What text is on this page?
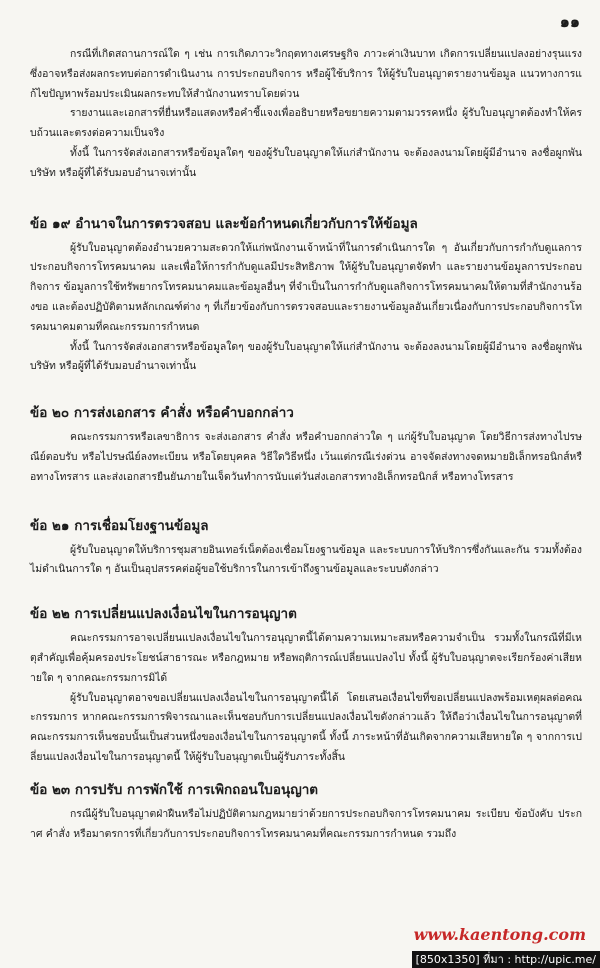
๑๑

กรณีที่เกิดสถานการณ์ใด ๆ เช่น การเกิดภาวะวิกฤตทางเศรษฐกิจ ภาวะค่าเงินบาท เกิดการเปลี่ยนแปลงอย่างรุนแรงซึ่งอาจหรือส่งผลกระทบต่อการดำเนินงาน การประกอบกิจการ หรือผู้ใช้บริการ ให้ผู้รับใบอนุญาตรายงานข้อมูล แนวทางการแก้ไขปัญหาพร้อมประเมินผลกระทบให้สำนักงานทราบโดยด่วน

รายงานและเอกสารที่ยื่นหรือแสดงหรือคำชี้แจงเพื่ออธิบายหรือขยายความตามวรรคหนึ่ง ผู้รับใบอนุญาตต้องทำให้ครบถ้วนและตรงต่อความเป็นจริง

ทั้งนี้ ในการจัดส่งเอกสารหรือข้อมูลใดๆ ของผู้รับใบอนุญาตให้แก่สำนักงาน จะต้องลงนามโดยผู้มีอำนาจ ลงชื่อผูกพันบริษัท หรือผู้ที่ได้รับมอบอำนาจเท่านั้น

ข้อ ๑๙ อำนาจในการตรวจสอบ และข้อกำหนดเกี่ยวกับการให้ข้อมูล

ผู้รับใบอนุญาตต้องอำนวยความสะดวกให้แก่พนักงานเจ้าหน้าที่ในการดำเนินการใด ๆ อันเกี่ยวกับการกำกับดูแลการประกอบกิจการโทรคมนาคม และเพื่อให้การกำกับดูแลมีประสิทธิภาพ ให้ผู้รับใบอนุญาตจัดทำ และรายงานข้อมูลการประกอบกิจการ ข้อมูลการใช้ทรัพยากรโทรคมนาคมและข้อมูลอื่นๆ ที่จำเป็นในการกำกับดูแลกิจการโทรคมนาคมให้ตามที่สำนักงานร้องขอ และต้องปฏิบัติตามหลักเกณฑ์ต่าง ๆ ที่เกี่ยวข้องกับการตรวจสอบและรายงานข้อมูลอันเกี่ยวเนื่องกับการประกอบกิจการโทรคมนาคมตามที่คณะกรรมการกำหนด

ทั้งนี้ ในการจัดส่งเอกสารหรือข้อมูลใดๆ ของผู้รับใบอนุญาตให้แก่สำนักงาน จะต้องลงนามโดยผู้มีอำนาจ ลงชื่อผูกพันบริษัท หรือผู้ที่ได้รับมอบอำนาจเท่านั้น

ข้อ ๒๐ การส่งเอกสาร คำสั่ง หรือคำบอกกล่าว

คณะกรรมการหรือเลขาธิการ จะส่งเอกสาร คำสั่ง หรือคำบอกกล่าวใด ๆ แก่ผู้รับใบอนุญาต โดยวิธีการส่งทางไปรษณีย์ตอบรับ หรือไปรษณีย์ลงทะเบียน หรือโดยบุคคล วิธีใดวิธีหนึ่ง เว้นแต่กรณีเร่งด่วน อาจจัดส่งทางจดหมายอิเล็กทรอนิกส์หรือทางโทรสาร และส่งเอกสารยืนยันภายในเจ็ดวันทำการนับแต่วันส่งเอกสารทางอิเล็กทรอนิกส์ หรือทางโทรสาร

ข้อ ๒๑ การเชื่อมโยงฐานข้อมูล

ผู้รับใบอนุญาตให้บริการชุมสายอินเทอร์เน็ตต้องเชื่อมโยงฐานข้อมูล และระบบการให้บริการซึ่งกันและกัน รวมทั้งต้องไม่ดำเนินการใด ๆ อันเป็นอุปสรรคต่อผู้ขอใช้บริการในการเข้าถึงฐานข้อมูลและระบบดังกล่าว

ข้อ ๒๒ การเปลี่ยนแปลงเงื่อนไขในการอนุญาต

คณะกรรมการอาจเปลี่ยนแปลงเงื่อนไขในการอนุญาตนี้ได้ตามความเหมาะสมหรือความจำเป็น รวมทั้งในกรณีที่มีเหตุสำคัญเพื่อคุ้มครองประโยชน์สาธารณะ หรือกฎหมาย หรือพฤติการณ์เปลี่ยนแปลงไป ทั้งนี้ ผู้รับใบอนุญาตจะเรียกร้องค่าเสียหายใด ๆ จากคณะกรรมการมิได้

ผู้รับใบอนุญาตอาจขอเปลี่ยนแปลงเงื่อนไขในการอนุญาตนี้ได้ โดยเสนอเงื่อนไขที่ขอเปลี่ยนแปลงพร้อมเหตุผลต่อคณะกรรมการ หากคณะกรรมการพิจารณาและเห็นชอบกับการเปลี่ยนแปลงเงื่อนไขดังกล่าวแล้ว ให้ถือว่าเงื่อนไขในการอนุญาตที่คณะกรรมการเห็นชอบนั้นเป็นส่วนหนึ่งของเงื่อนไขในการอนุญาตนี้ ทั้งนี้ ภาระหน้าที่อันเกิดจากความเสียหายใด ๆ จากการเปลี่ยนแปลงเงื่อนไขในการอนุญาตนี้ ให้ผู้รับใบอนุญาตเป็นผู้รับภาระทั้งสิ้น

ข้อ ๒๓ การปรับ การพักใช้ การเพิกถอนใบอนุญาต

กรณีผู้รับใบอนุญาตฝ่าฝืนหรือไม่ปฏิบัติตามกฎหมายว่าด้วยการประกอบกิจการโทรคมนาคม ระเบียบ ข้อบังคับ ประกาศ คำสั่ง หรือมาตรการที่เกี่ยวกับการประกอบกิจการโทรคมนาคมที่คณะกรรมการกำหนด รวมถึง

www.kaentong.com
[850x1350] ที่มา : http://upic.me/
